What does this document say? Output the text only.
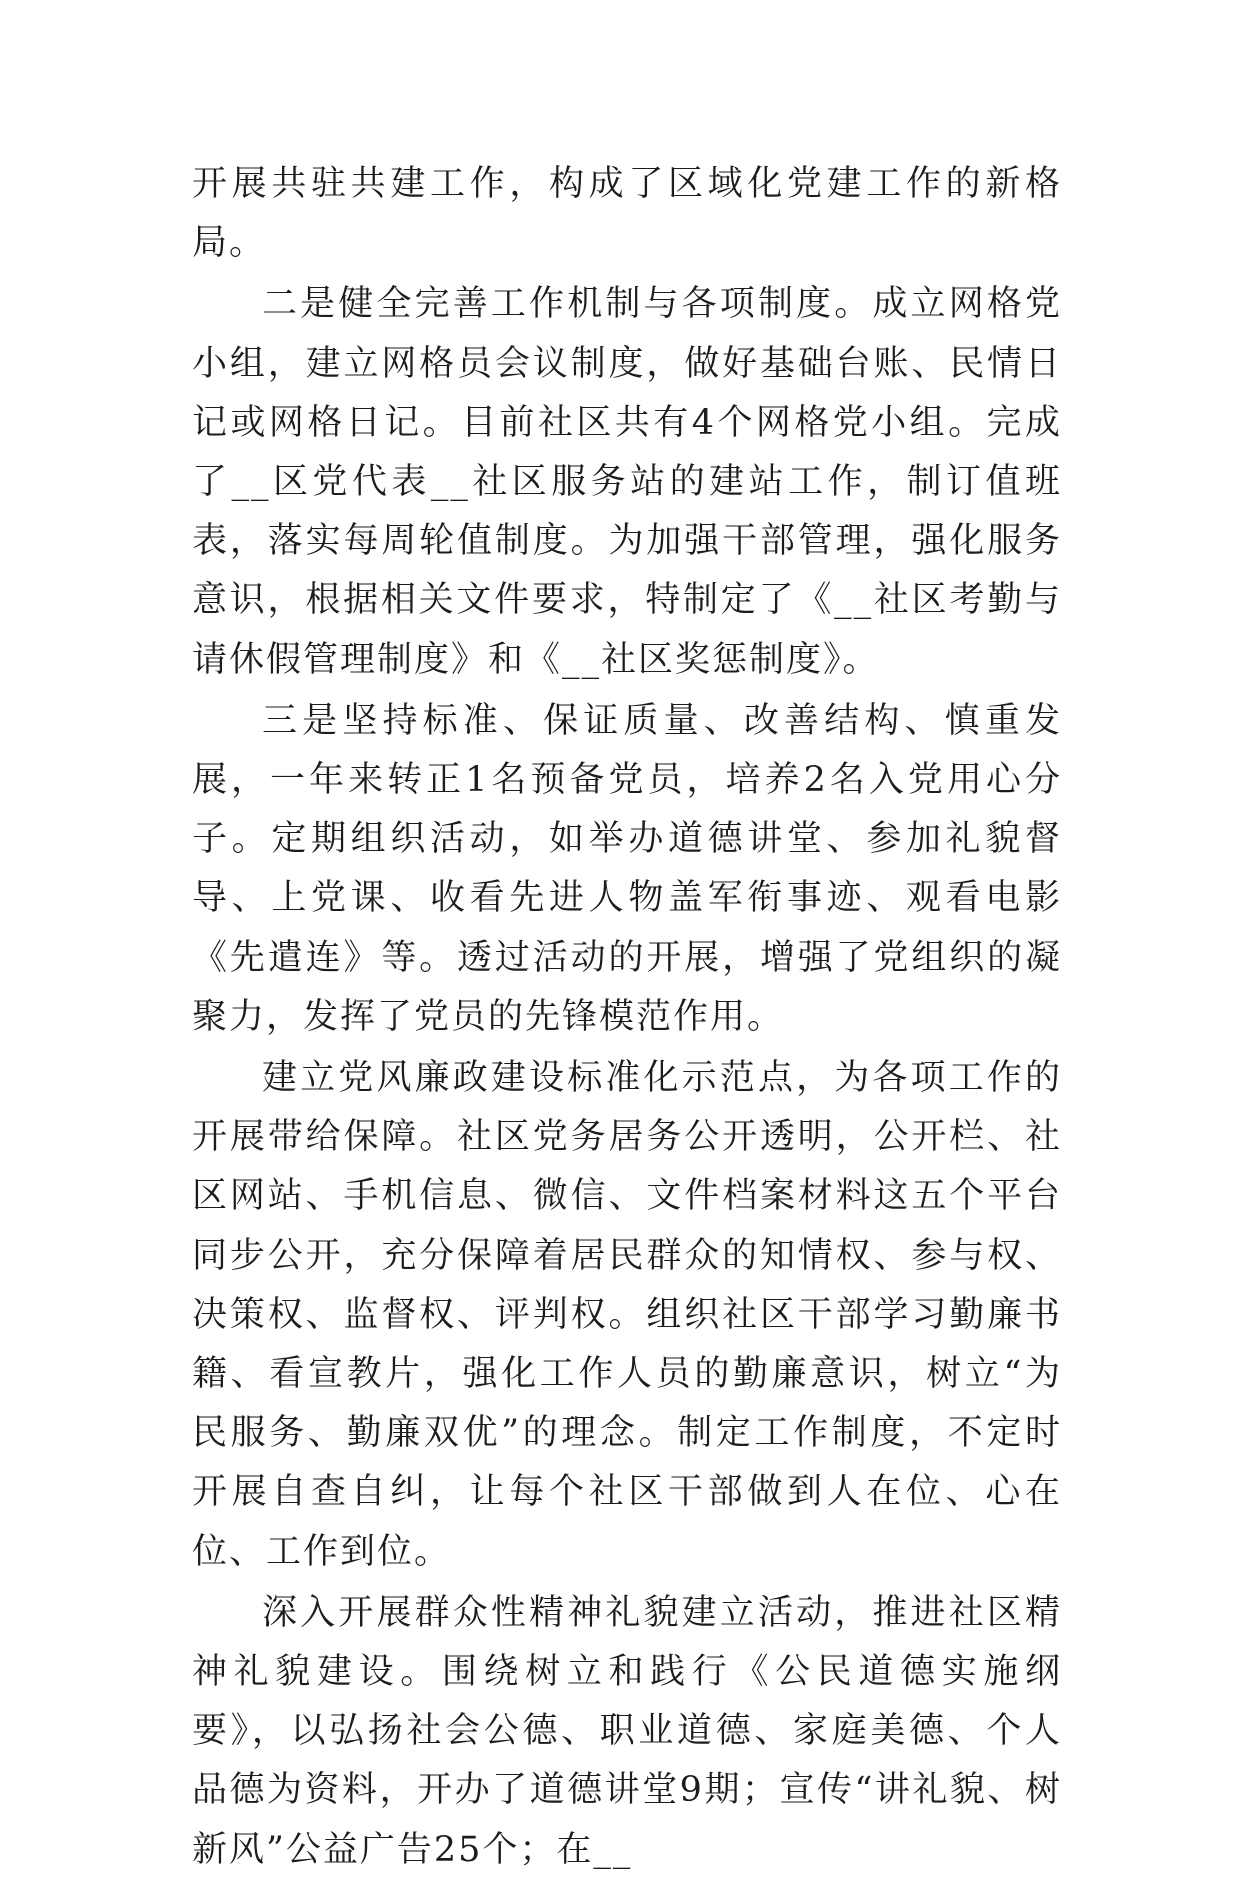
开展共驻共建工作，构成了区域化党建工作的新格局。

二是健全完善工作机制与各项制度。成立网格党小组，建立网格员会议制度，做好基础台账、民情日记或网格日记。目前社区共有4个网格党小组。完成了__区党代表__社区服务站的建站工作，制订值班表，落实每周轮值制度。为加强干部管理，强化服务意识，根据相关文件要求，特制定了《__社区考勤与请休假管理制度》和《__社区奖惩制度》。

三是坚持标准、保证质量、改善结构、慎重发展，一年来转正1名预备党员，培养2名入党用心分子。定期组织活动，如举办道德讲堂、参加礼貌督导、上党课、收看先进人物盖军衔事迹、观看电影《先遣连》等。透过活动的开展，增强了党组织的凝聚力，发挥了党员的先锋模范作用。

建立党风廉政建设标准化示范点，为各项工作的开展带给保障。社区党务居务公开透明，公开栏、社区网站、手机信息、微信、文件档案材料这五个平台同步公开，充分保障着居民群众的知情权、参与权、决策权、监督权、评判权。组织社区干部学习勤廉书籍、看宣教片，强化工作人员的勤廉意识，树立“为民服务、勤廉双优”的理念。制定工作制度，不定时开展自查自纠，让每个社区干部做到人在位、心在位、工作到位。

深入开展群众性精神礼貌建立活动，推进社区精神礼貌建设。围绕树立和践行《公民道德实施纲要》，以弘扬社会公德、职业道德、家庭美德、个人品德为资料，开办了道德讲堂9期；宣传“讲礼貌、树新风”公益广告25个；在__
